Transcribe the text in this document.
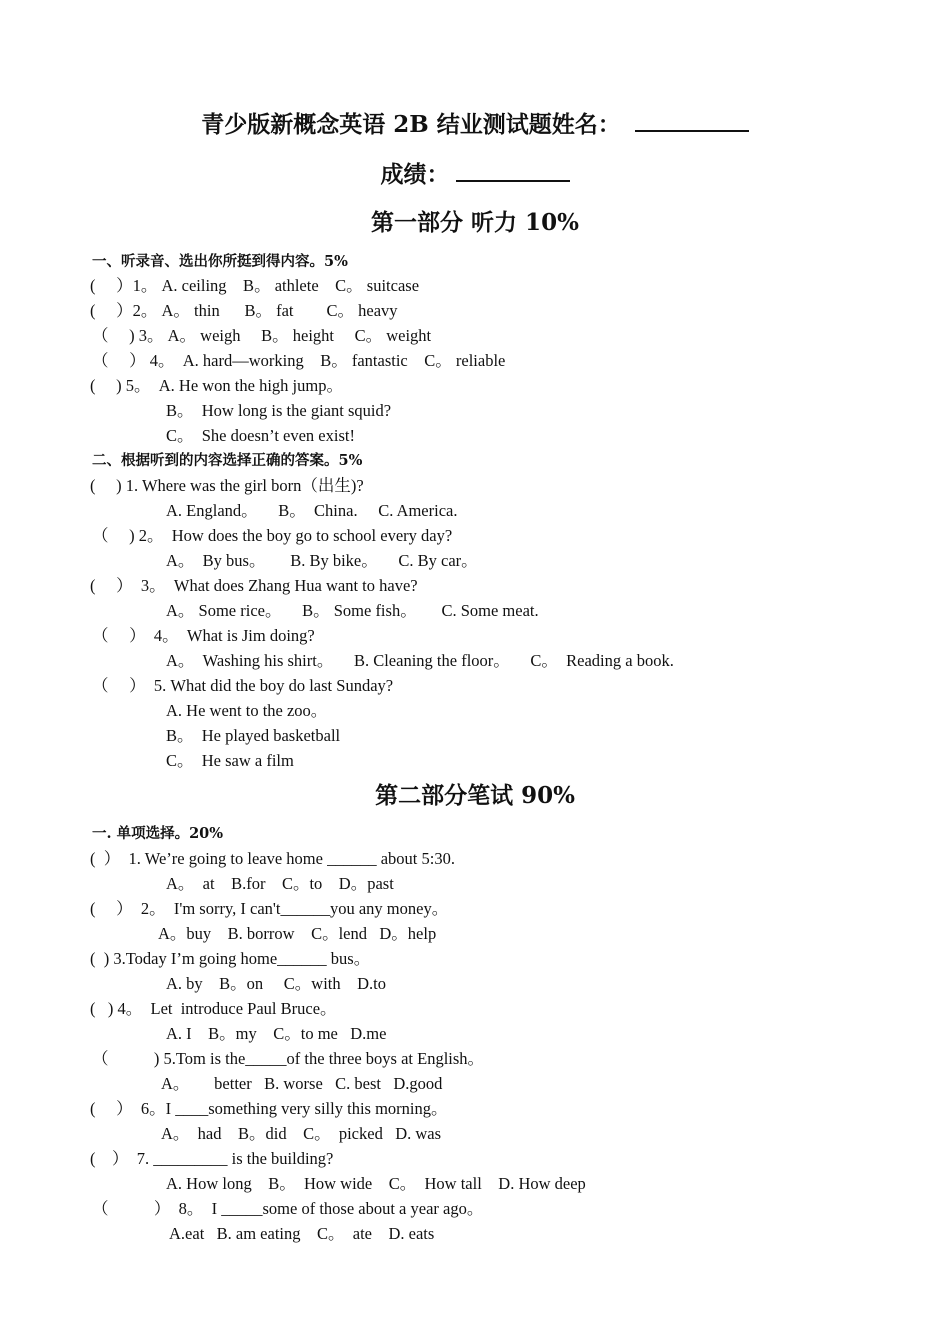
青少版新概念英语 2B 结业测试题姓名：
成绩：
第一部分 听力 10%
一、听录音、选出你所挺到得内容。5%
(     ）1。 A. ceiling    B。 athlete    C。 suitcase
(     ）2。 A。 thin      B。 fat        C。 heavy
（     ) 3。 A。 weigh     B。 height     C。 weight
（     ） 4。  A. hard—working    B。 fantastic    C。 reliable
(     ) 5。  A. He won the high jump。
B。  How long is the giant squid?
C。  She doesn’t even exist!
二、根据听到的内容选择正确的答案。5%
(     ) 1. Where was the girl born（出生)?
A. England。     B。  China.     C. America.
（     ) 2。  How does the boy go to school every day?
A。  By bus。      B. By bike。     C. By car。
(     ）  3。  What does Zhang Hua want to have?
A。 Some rice。     B。 Some fish。      C. Some meat.
（     ）  4。  What is Jim doing?
A。  Washing his shirt。     B. Cleaning the floor。     C。  Reading a book.
（     ）  5. What did the boy do last Sunday?
A. He went to the zoo。
B。  He played basketball
C。  He saw a film
第二部分笔试 90%
一. 单项选择。20%
(  ）  1. We’re going to leave home ______ about 5:30.
A。  at    B.for    C。to    D。past
(     ）  2。  I'm sorry, I can't______you any money。
A。buy    B. borrow    C。lend   D。help
(  ) 3.Today I’m going home______ bus。
A. by    B。on     C。with    D.to
(   ) 4。  Let  introduce Paul Bruce。
A. I    B。my    C。to me   D.me
（           ) 5.Tom is the_____of the three boys at English。
A。      better   B. worse   C. best   D.good
(     ）  6。I ____something very silly this morning。
A。  had    B。did    C。  picked   D. was
(    ）  7. _________ is the building?
A. How long    B。  How wide    C。  How tall    D. How deep
（           ）  8。  I _____some of those about a year ago。
A.eat   B. am eating    C。  ate    D. eats
